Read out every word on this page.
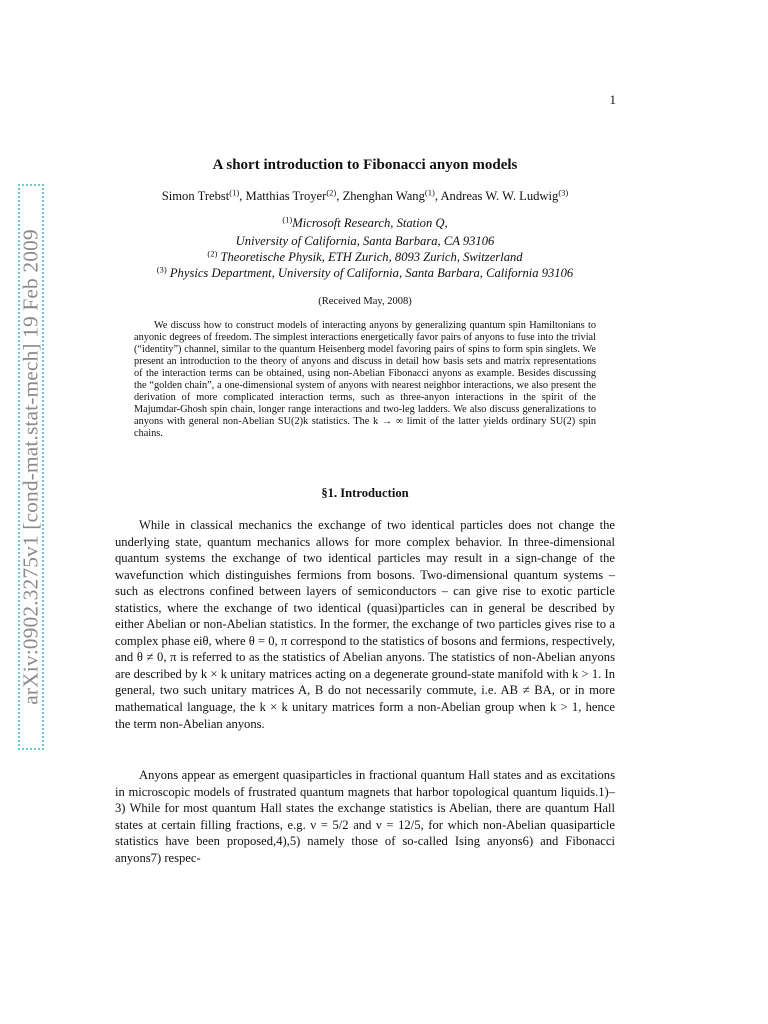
arXiv:0902.3275v1 [cond-mat.stat-mech] 19 Feb 2009
1
A short introduction to Fibonacci anyon models
Simon Trebst$^{(1)}$, Matthias Troyer$^{(2)}$, Zhenghan Wang$^{(1)}$, Andreas W. W. Ludwig$^{(3)}$
$^{(1)}$Microsoft Research, Station Q,
University of California, Santa Barbara, CA 93106
$^{(2)}$ Theoretische Physik, ETH Zurich, 8093 Zurich, Switzerland
$^{(3)}$ Physics Department, University of California, Santa Barbara, California 93106
(Received May, 2008)
We discuss how to construct models of interacting anyons by generalizing quantum spin Hamiltonians to anyonic degrees of freedom. The simplest interactions energetically favor pairs of anyons to fuse into the trivial (“identity”) channel, similar to the quantum Heisenberg model favoring pairs of spins to form spin singlets. We present an introduction to the theory of anyons and discuss in detail how basis sets and matrix representations of the interaction terms can be obtained, using non-Abelian Fibonacci anyons as example. Besides discussing the “golden chain”, a one-dimensional system of anyons with nearest neighbor interactions, we also present the derivation of more complicated interaction terms, such as three-anyon interactions in the spirit of the Majumdar-Ghosh spin chain, longer range interactions and two-leg ladders. We also discuss generalizations to anyons with general non-Abelian SU(2)k statistics. The k → ∞ limit of the latter yields ordinary SU(2) spin chains.
§1. Introduction
While in classical mechanics the exchange of two identical particles does not change the underlying state, quantum mechanics allows for more complex behavior. In three-dimensional quantum systems the exchange of two identical particles may result in a sign-change of the wavefunction which distinguishes fermions from bosons. Two-dimensional quantum systems – such as electrons confined between layers of semiconductors – can give rise to exotic particle statistics, where the exchange of two identical (quasi)particles can in general be described by either Abelian or non-Abelian statistics. In the former, the exchange of two particles gives rise to a complex phase eiθ, where θ = 0, π correspond to the statistics of bosons and fermions, respectively, and θ ≠ 0, π is referred to as the statistics of Abelian anyons. The statistics of non-Abelian anyons are described by k × k unitary matrices acting on a degenerate ground-state manifold with k > 1. In general, two such unitary matrices A, B do not necessarily commute, i.e. AB ≠ BA, or in more mathematical language, the k × k unitary matrices form a non-Abelian group when k > 1, hence the term non-Abelian anyons.
Anyons appear as emergent quasiparticles in fractional quantum Hall states and as excitations in microscopic models of frustrated quantum magnets that harbor topological quantum liquids.1)–3) While for most quantum Hall states the exchange statistics is Abelian, there are quantum Hall states at certain filling fractions, e.g. ν = 5/2 and ν = 12/5, for which non-Abelian quasiparticle statistics have been proposed,4),5) namely those of so-called Ising anyons6) and Fibonacci anyons7) respec-
